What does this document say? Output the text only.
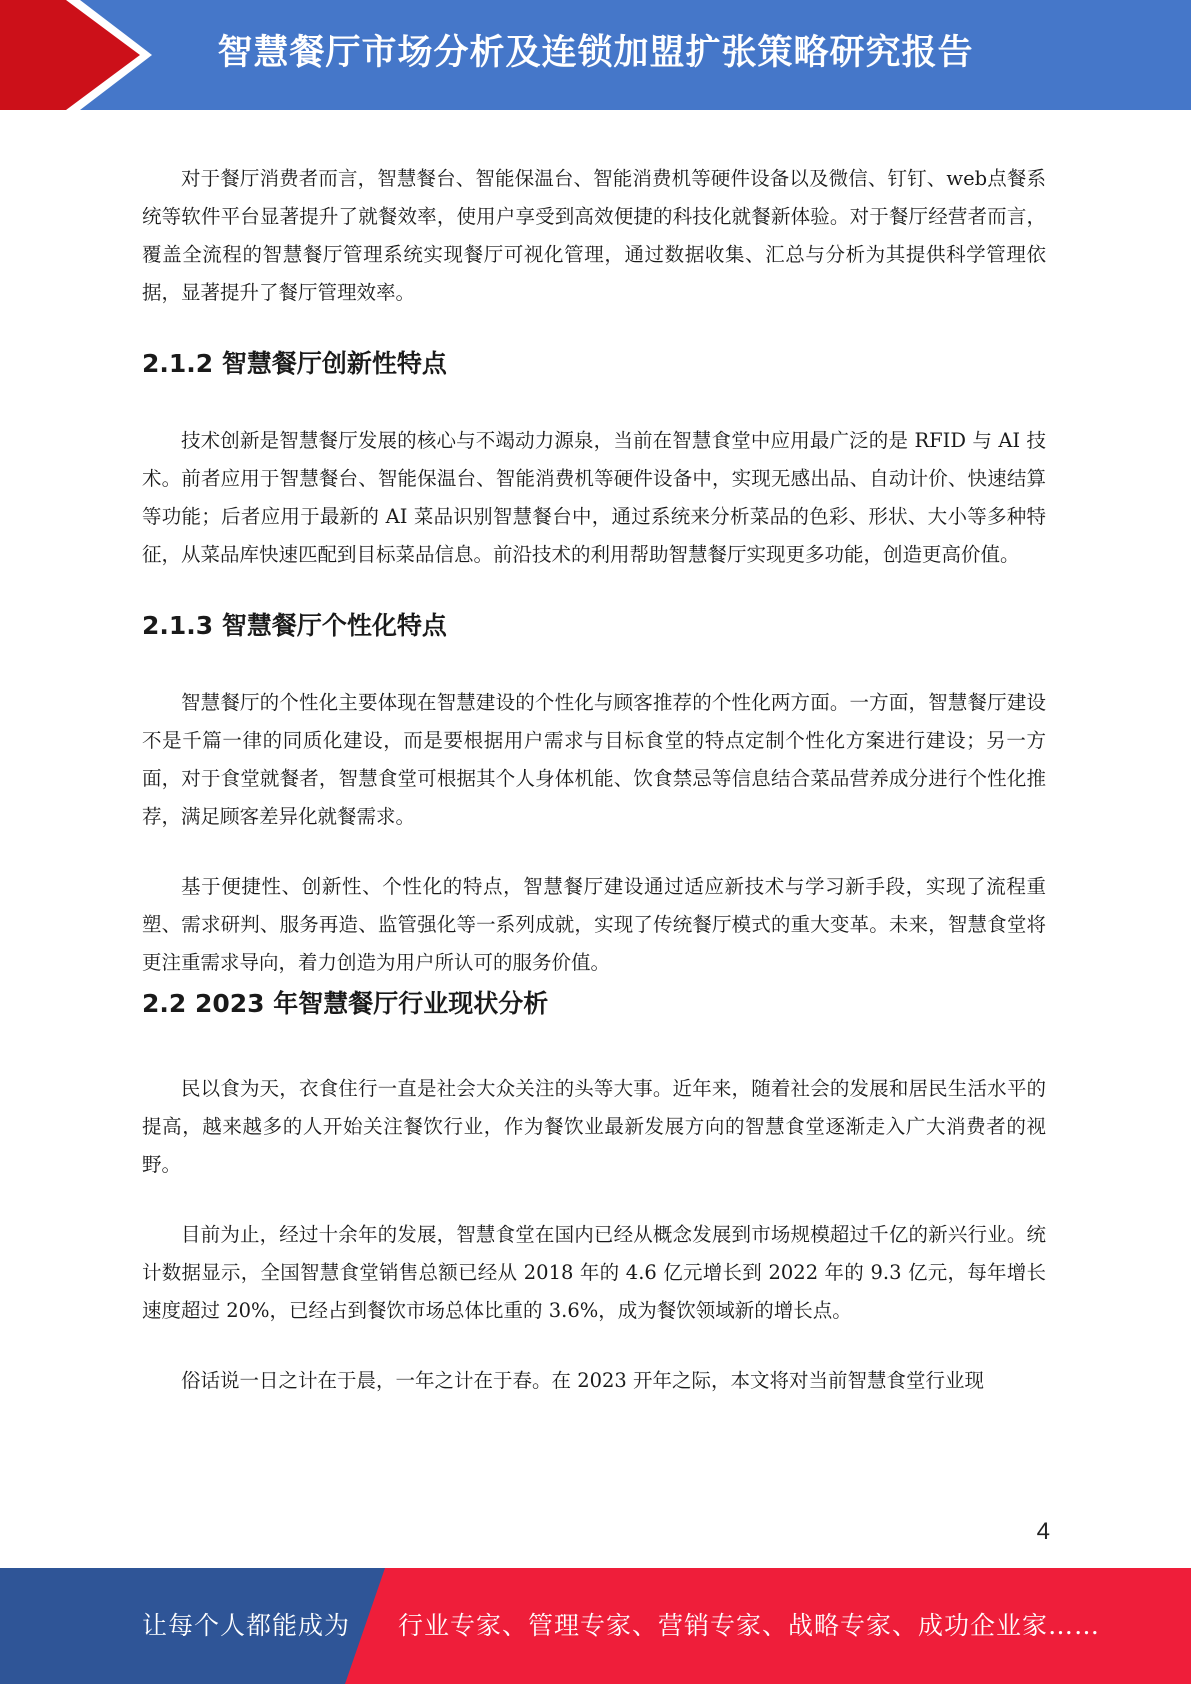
智慧餐厅市场分析及连锁加盟扩张策略研究报告

对于餐厅消费者而言，智慧餐台、智能保温台、智能消费机等硬件设备以及微信、钉钉、web点餐系统等软件平台显著提升了就餐效率，使用户享受到高效便捷的科技化就餐新体验。对于餐厅经营者而言，覆盖全流程的智慧餐厅管理系统实现餐厅可视化管理，通过数据收集、汇总与分析为其提供科学管理依据，显著提升了餐厅管理效率。

2.1.2 智慧餐厅创新性特点

技术创新是智慧餐厅发展的核心与不竭动力源泉，当前在智慧食堂中应用最广泛的是 RFID 与 AI 技术。前者应用于智慧餐台、智能保温台、智能消费机等硬件设备中，实现无感出品、自动计价、快速结算等功能；后者应用于最新的 AI 菜品识别智慧餐台中，通过系统来分析菜品的色彩、形状、大小等多种特征，从菜品库快速匹配到目标菜品信息。前沿技术的利用帮助智慧餐厅实现更多功能，创造更高价值。

2.1.3 智慧餐厅个性化特点

智慧餐厅的个性化主要体现在智慧建设的个性化与顾客推荐的个性化两方面。一方面，智慧餐厅建设不是千篇一律的同质化建设，而是要根据用户需求与目标食堂的特点定制个性化方案进行建设；另一方面，对于食堂就餐者，智慧食堂可根据其个人身体机能、饮食禁忌等信息结合菜品营养成分进行个性化推荐，满足顾客差异化就餐需求。

基于便捷性、创新性、个性化的特点，智慧餐厅建设通过适应新技术与学习新手段，实现了流程重塑、需求研判、服务再造、监管强化等一系列成就，实现了传统餐厅模式的重大变革。未来，智慧食堂将更注重需求导向，着力创造为用户所认可的服务价值。

2.2 2023 年智慧餐厅行业现状分析

民以食为天，衣食住行一直是社会大众关注的头等大事。近年来，随着社会的发展和居民生活水平的提高，越来越多的人开始关注餐饮行业，作为餐饮业最新发展方向的智慧食堂逐渐走入广大消费者的视野。

目前为止，经过十余年的发展，智慧食堂在国内已经从概念发展到市场规模超过千亿的新兴行业。统计数据显示，全国智慧食堂销售总额已经从 2018 年的 4.6 亿元增长到 2022 年的 9.3 亿元，每年增长速度超过 20%，已经占到餐饮市场总体比重的 3.6%，成为餐饮领域新的增长点。

俗话说一日之计在于晨，一年之计在于春。在 2023 开年之际，本文将对当前智慧食堂行业现

4
让每个人都能成为 行业专家、管理专家、营销专家、战略专家、成功企业家……
